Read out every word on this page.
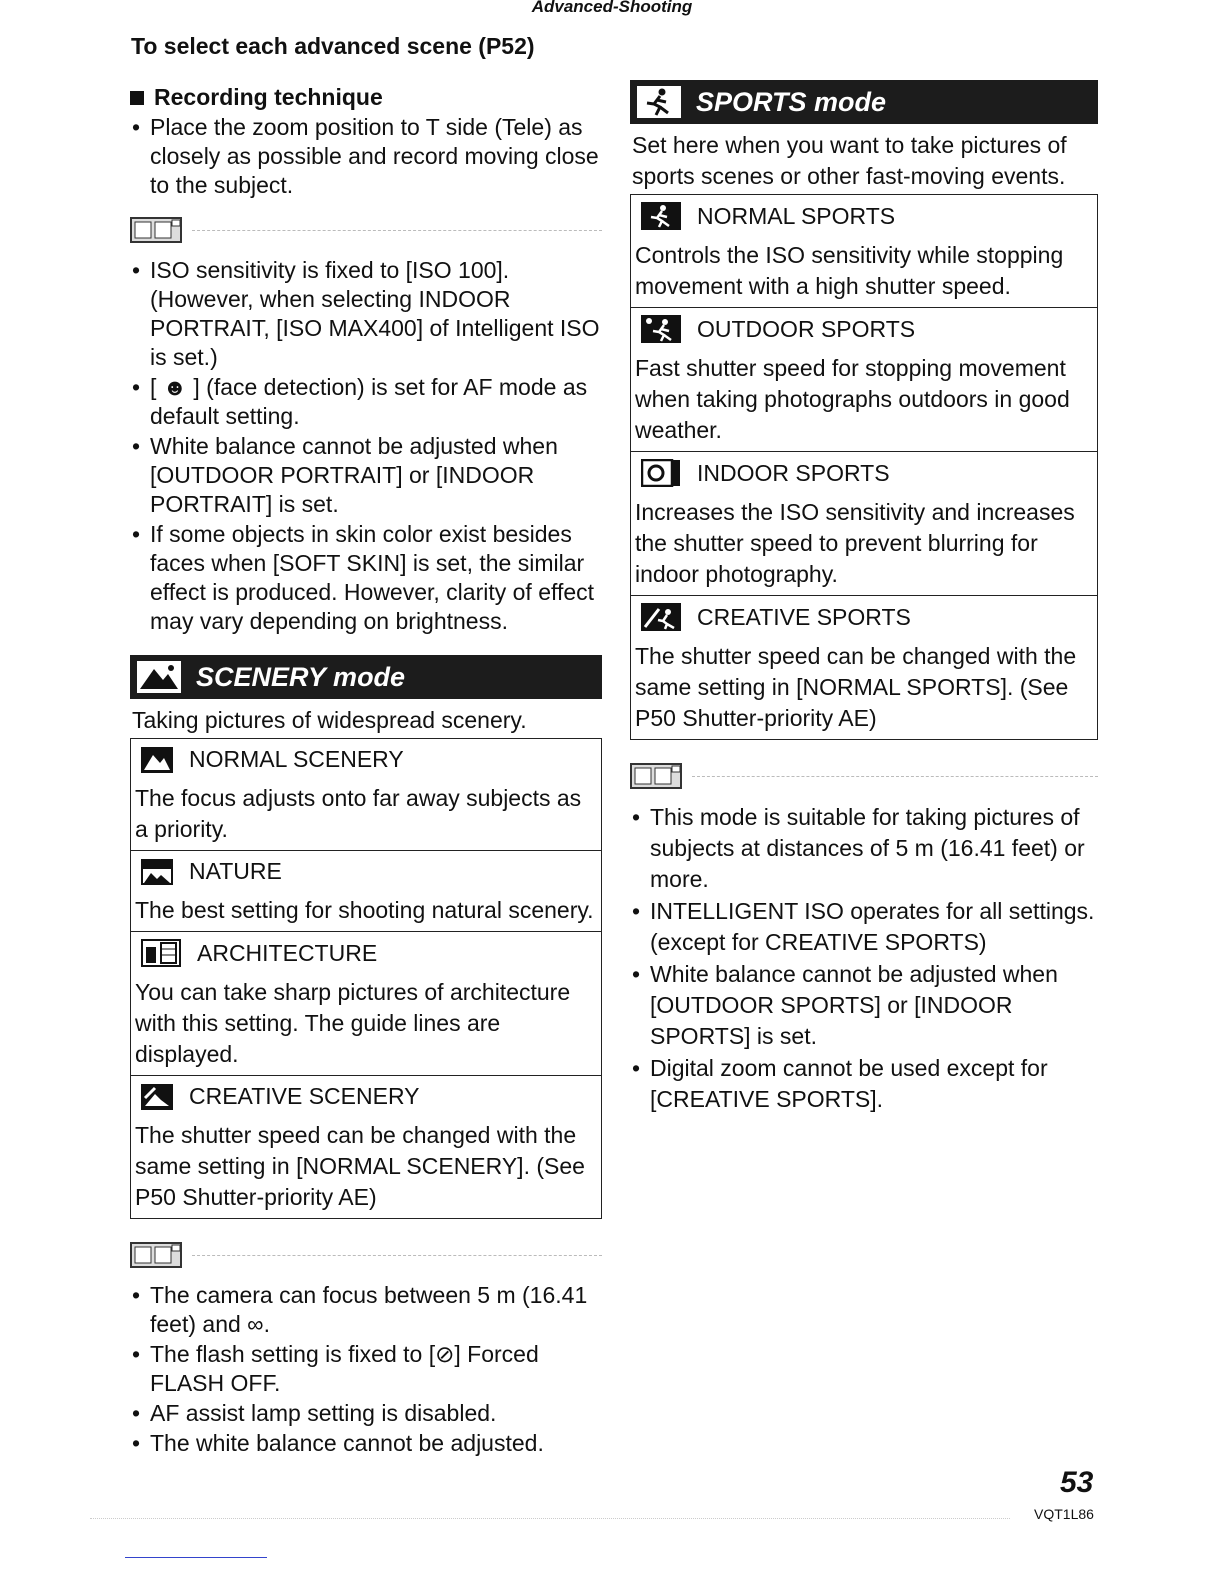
Advanced-Shooting
To select each advanced scene (P52)
Recording technique
• Place the zoom position to T side (Tele) as closely as possible and record moving close to the subject.
• ISO sensitivity is fixed to [ISO 100]. (However, when selecting INDOOR PORTRAIT, [ISO MAX400] of Intelligent ISO is set.)
• [ ☻ ] (face detection) is set for AF mode as default setting.
• White balance cannot be adjusted when [OUTDOOR PORTRAIT] or [INDOOR PORTRAIT] is set.
• If some objects in skin color exist besides faces when [SOFT SKIN] is set, the similar effect is produced. However, clarity of effect may vary depending on brightness.
SCENERY mode
Taking pictures of widespread scenery.
NORMAL SCENERY
The focus adjusts onto far away subjects as a priority.

NATURE
The best setting for shooting natural scenery.

ARCHITECTURE
You can take sharp pictures of architecture with this setting. The guide lines are displayed.

CREATIVE SCENERY
The shutter speed can be changed with the same setting in [NORMAL SCENERY]. (See P50 Shutter-priority AE)
• The camera can focus between 5 m (16.41 feet) and ∞.
• The flash setting is fixed to [⊘] Forced FLASH OFF.
• AF assist lamp setting is disabled.
• The white balance cannot be adjusted.
SPORTS mode
Set here when you want to take pictures of sports scenes or other fast-moving events.
NORMAL SPORTS
Controls the ISO sensitivity while stopping movement with a high shutter speed.

OUTDOOR SPORTS
Fast shutter speed for stopping movement when taking photographs outdoors in good weather.

INDOOR SPORTS
Increases the ISO sensitivity and increases the shutter speed to prevent blurring for indoor photography.

CREATIVE SPORTS
The shutter speed can be changed with the same setting in [NORMAL SPORTS]. (See P50 Shutter-priority AE)
• This mode is suitable for taking pictures of subjects at distances of 5 m (16.41 feet) or more.
• INTELLIGENT ISO operates for all settings. (except for CREATIVE SPORTS)
• White balance cannot be adjusted when [OUTDOOR SPORTS] or [INDOOR SPORTS] is set.
• Digital zoom cannot be used except for [CREATIVE SPORTS].
53
VQT1L86
